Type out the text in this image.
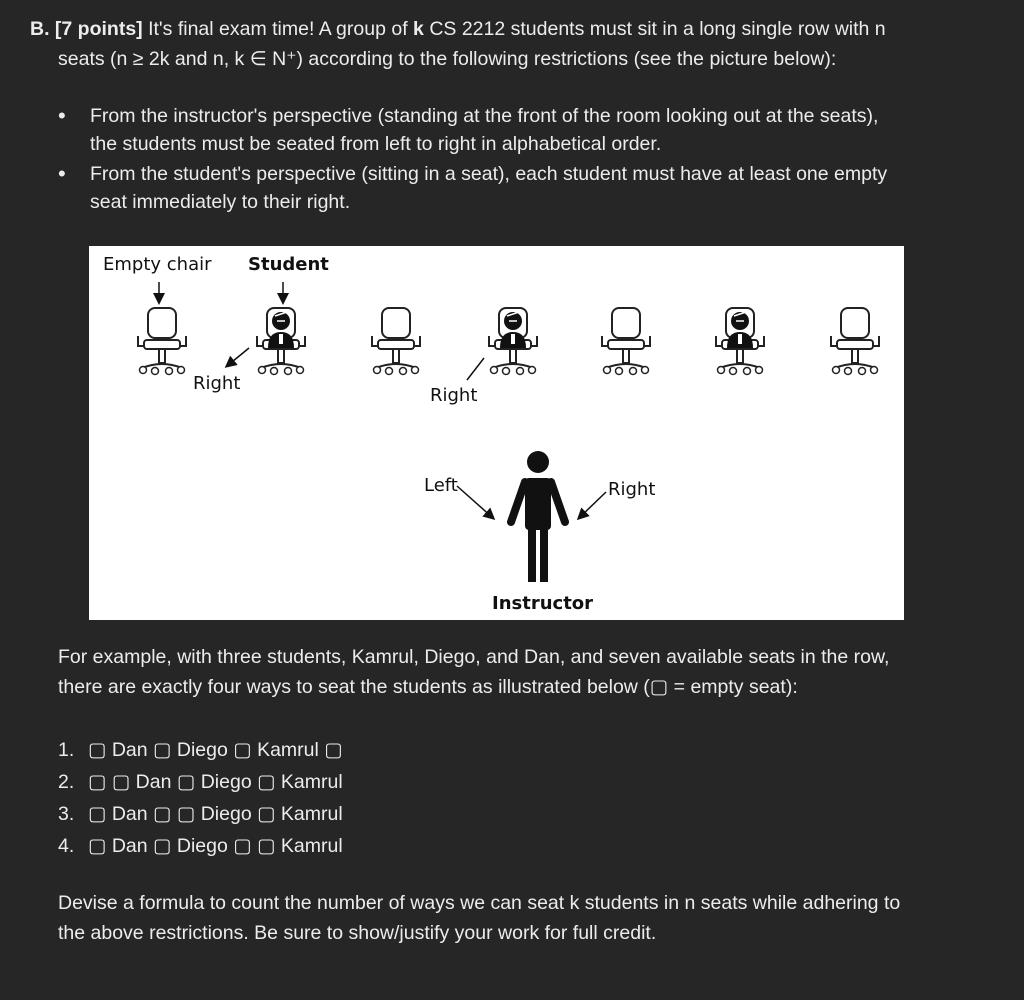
B. [7 points] It's final exam time! A group of k CS 2212 students must sit in a long single row with n
seats (n ≥ 2k and n, k ∈ N⁺) according to the following restrictions (see the picture below):

• From the instructor's perspective (standing at the front of the room looking out at the seats),
the students must be seated from left to right in alphabetical order.
• From the student's perspective (sitting in a seat), each student must have at least one empty
seat immediately to their right.
Empty chair Student
Right
Right
Left	Right
Instructor

For example, with three students, Kamrul, Diego, and Dan, and seven available seats in the row,
there are exactly four ways to seat the students as illustrated below (▢ = empty seat):

1. ▢ Dan ▢ Diego ▢ Kamrul ▢
2. ▢ ▢ Dan ▢ Diego ▢ Kamrul
3. ▢ Dan ▢ ▢ Diego ▢ Kamrul
4. ▢ Dan ▢ Diego ▢ ▢ Kamrul

Devise a formula to count the number of ways we can seat k students in n seats while adhering to
the above restrictions. Be sure to show/justify your work for full credit.
